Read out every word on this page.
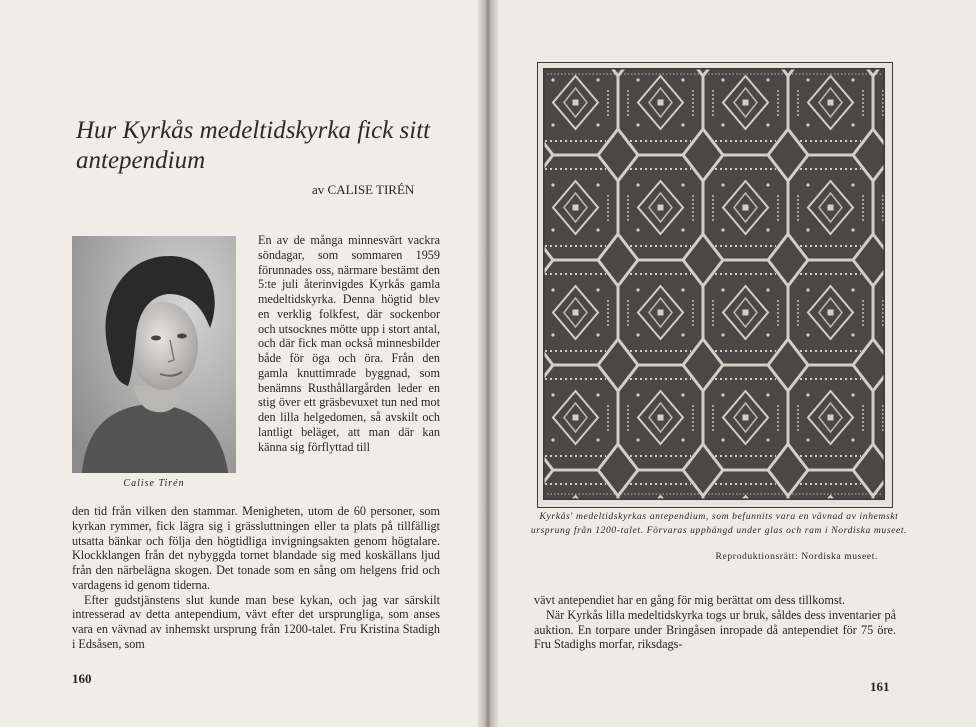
Hur Kyrkås medeltidskyrka fick sitt antependium
av CALISE TIRÉN
Calise Tirén

En av de många minnesvärt vackra söndagar, som sommaren 1959 förunnades oss, närmare bestämt den 5:te juli återinvigdes Kyrkås gamla medeltidskyrka. Denna högtid blev en verklig folkfest, där sockenbor och utsocknes mötte upp i stort antal, och där fick man också minnesbilder både för öga och öra. Från den gamla knuttimrade byggnad, som benämns Rusthållargården leder en stig över ett gräsbevuxet tun ned mot den lilla helgedomen, så avskilt och lantligt beläget, att man där kan känna sig förflyttad till

den tid från vilken den stammar. Menigheten, utom de 60 personer, som kyrkan rymmer, fick lägra sig i grässluttningen eller ta plats på tillfälligt utsatta bänkar och följa den högtidliga invigningsakten genom högtalare. Klockklangen från det nybyggda tornet blandade sig med koskällans ljud från den närbelägna skogen. Det tonade som en sång om helgens frid och vardagens id genom tiderna.

Efter gudstjänstens slut kunde man bese kykan, och jag var särskilt intresserad av detta antependium, vävt efter det ursprungliga, som anses vara en vävnad av inhemskt ursprung från 1200-talet. Fru Kristina Stadigh i Edsåsen, som

160
161
Kyrkås' medeltidskyrkas antependium, som befunnits vara en vävnad av inhemskt ursprung från 1200-talet. Förvaras upphängd under glas och ram i Nordiska museet.
Reproduktionsrätt: Nordiska museet.

vävt antependiet har en gång för mig berättat om dess tillkomst.

När Kyrkås lilla medeltidskyrka togs ur bruk, såldes dess inventarier på auktion. En torpare under Bringåsen inropade då antependiet för 75 öre. Fru Stadighs morfar, riksdags-
